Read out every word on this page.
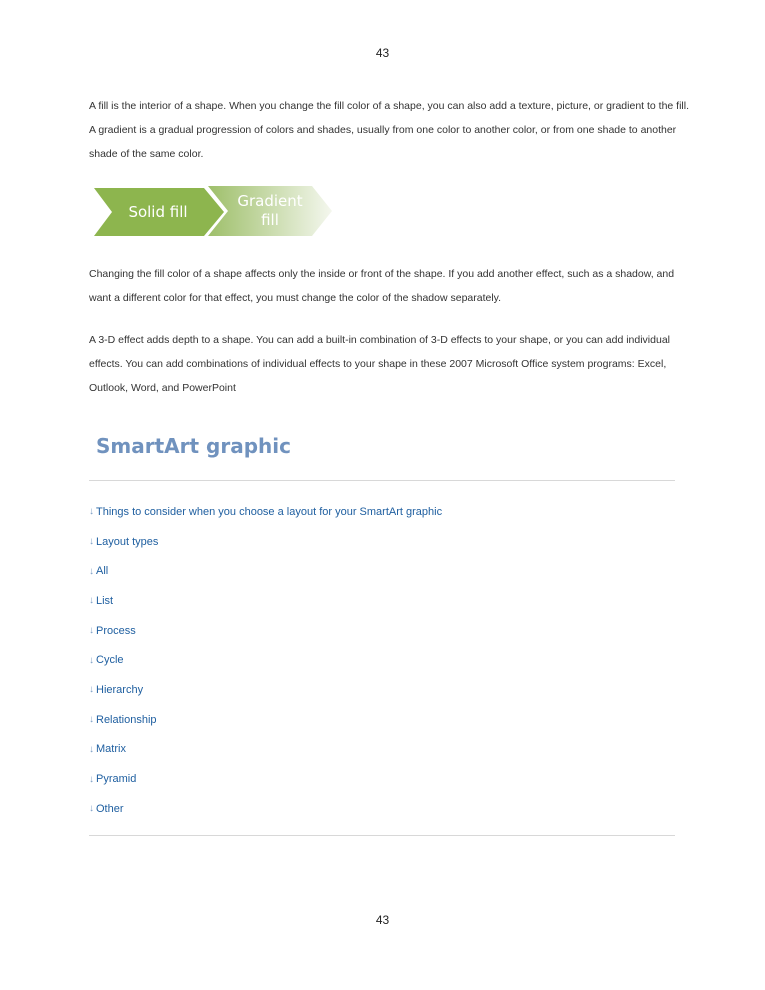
43
A fill is the interior of a shape. When you change the fill color of a shape, you can also add a texture, picture, or gradient to the fill. A gradient is a gradual progression of colors and shades, usually from one color to another color, or from one shade to another shade of the same color.
Solid fill
Gradient
fill
Changing the fill color of a shape affects only the inside or front of the shape. If you add another effect, such as a shadow, and want a different color for that effect, you must change the color of the shadow separately.
A 3-D effect adds depth to a shape. You can add a built-in combination of 3-D effects to your shape, or you can add individual effects. You can add combinations of individual effects to your shape in these 2007 Microsoft Office system programs: Excel, Outlook, Word, and PowerPoint
SmartArt graphic
↓ Things to consider when you choose a layout for your SmartArt graphic
↓ Layout types
↓ All
↓ List
↓ Process
↓ Cycle
↓ Hierarchy
↓ Relationship
↓ Matrix
↓ Pyramid
↓ Other
43
